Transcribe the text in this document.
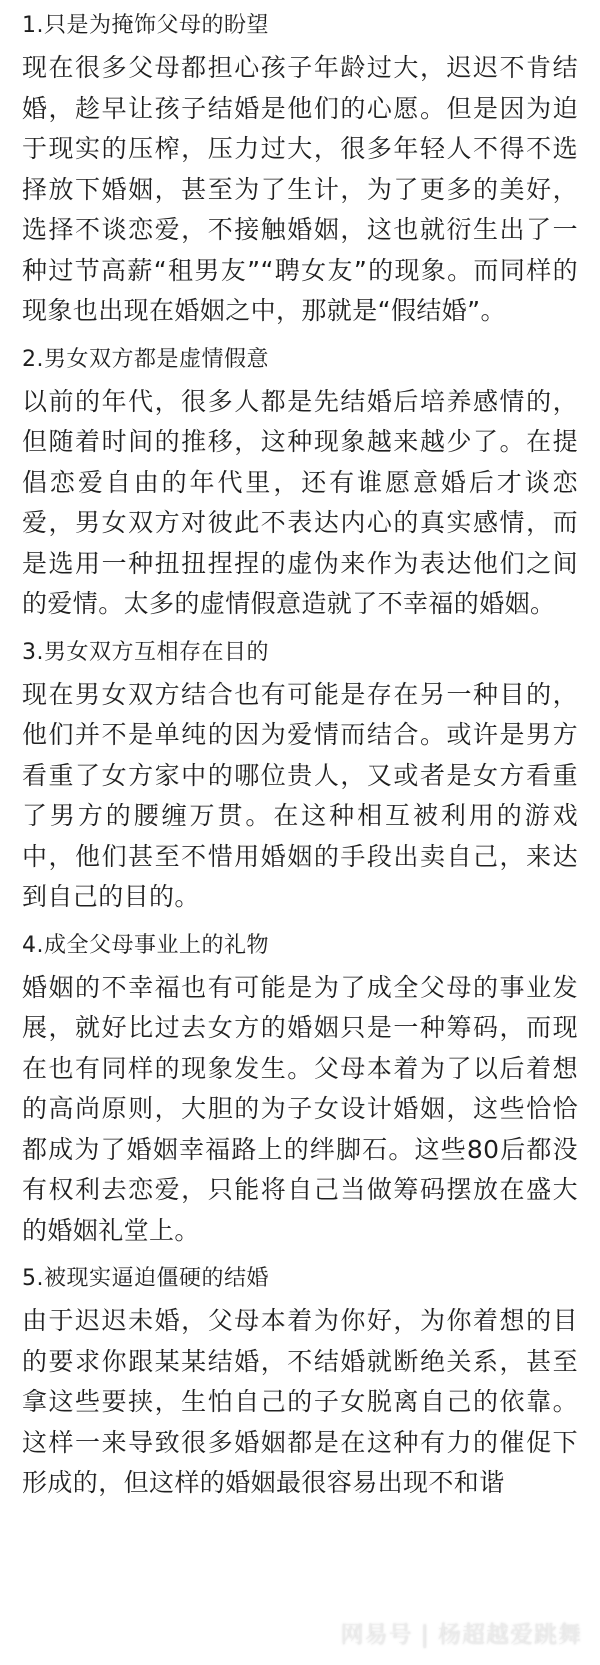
1.只是为掩饰父母的盼望

现在很多父母都担心孩子年龄过大，迟迟不肯结婚，趁早让孩子结婚是他们的心愿。但是因为迫于现实的压榨，压力过大，很多年轻人不得不选择放下婚姻，甚至为了生计，为了更多的美好，选择不谈恋爱，不接触婚姻，这也就衍生出了一种过节高薪“租男友”“聘女友”的现象。而同样的现象也出现在婚姻之中，那就是“假结婚”。

2.男女双方都是虚情假意

以前的年代，很多人都是先结婚后培养感情的，但随着时间的推移，这种现象越来越少了。在提倡恋爱自由的年代里，还有谁愿意婚后才谈恋爱，男女双方对彼此不表达内心的真实感情，而是选用一种扭扭捏捏的虚伪来作为表达他们之间的爱情。太多的虚情假意造就了不幸福的婚姻。

3.男女双方互相存在目的

现在男女双方结合也有可能是存在另一种目的，他们并不是单纯的因为爱情而结合。或许是男方看重了女方家中的哪位贵人，又或者是女方看重了男方的腰缠万贯。在这种相互被利用的游戏中，他们甚至不惜用婚姻的手段出卖自己，来达到自己的目的。

4.成全父母事业上的礼物

婚姻的不幸福也有可能是为了成全父母的事业发展，就好比过去女方的婚姻只是一种筹码，而现在也有同样的现象发生。父母本着为了以后着想的高尚原则，大胆的为子女设计婚姻，这些恰恰都成为了婚姻幸福路上的绊脚石。这些80后都没有权利去恋爱，只能将自己当做筹码摆放在盛大的婚姻礼堂上。

5.被现实逼迫僵硬的结婚

由于迟迟未婚，父母本着为你好，为你着想的目的要求你跟某某结婚，不结婚就断绝关系，甚至拿这些要挟，生怕自己的子女脱离自己的依靠。这样一来导致很多婚姻都是在这种有力的催促下形成的，但这样的婚姻最很容易出现不和谐

网易号 | 杨超越爱跳舞
